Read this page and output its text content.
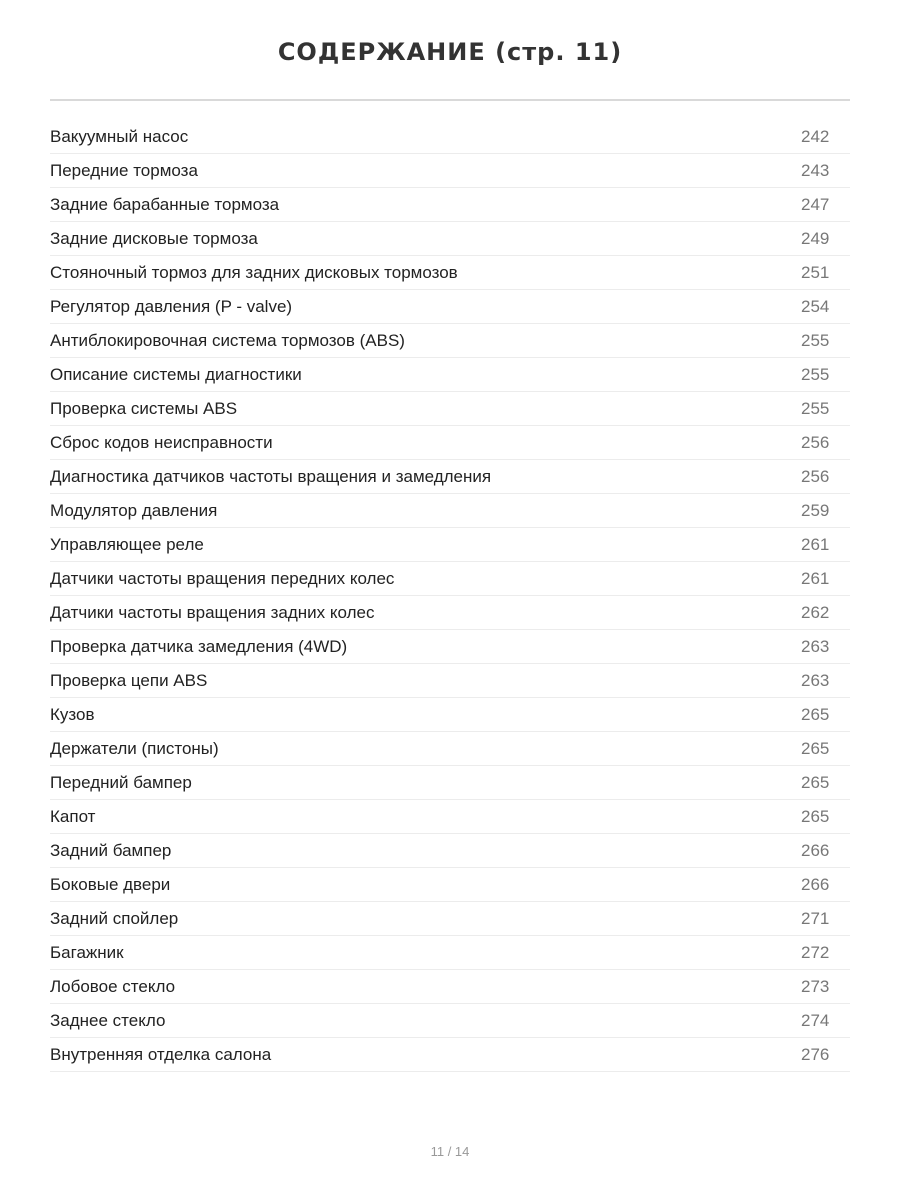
СОДЕРЖАНИЕ (стр. 11)
Вакуумный насос	242
Передние тормоза	243
Задние барабанные тормоза	247
Задние дисковые тормоза	249
Стояночный тормоз для задних дисковых тормозов	251
Регулятор давления (P - valve)	254
Антиблокировочная система тормозов (ABS)	255
Описание системы диагностики	255
Проверка системы ABS	255
Сброс кодов неисправности	256
Диагностика датчиков частоты вращения и замедления	256
Модулятор давления	259
Управляющее реле	261
Датчики частоты вращения передних колес	261
Датчики частоты вращения задних колес	262
Проверка датчика замедления (4WD)	263
Проверка цепи ABS	263
Кузов	265
Держатели (пистоны)	265
Передний бампер	265
Капот	265
Задний бампер	266
Боковые двери	266
Задний спойлер	271
Багажник	272
Лобовое стекло	273
Заднее стекло	274
Внутренняя отделка салона	276
11 / 14
